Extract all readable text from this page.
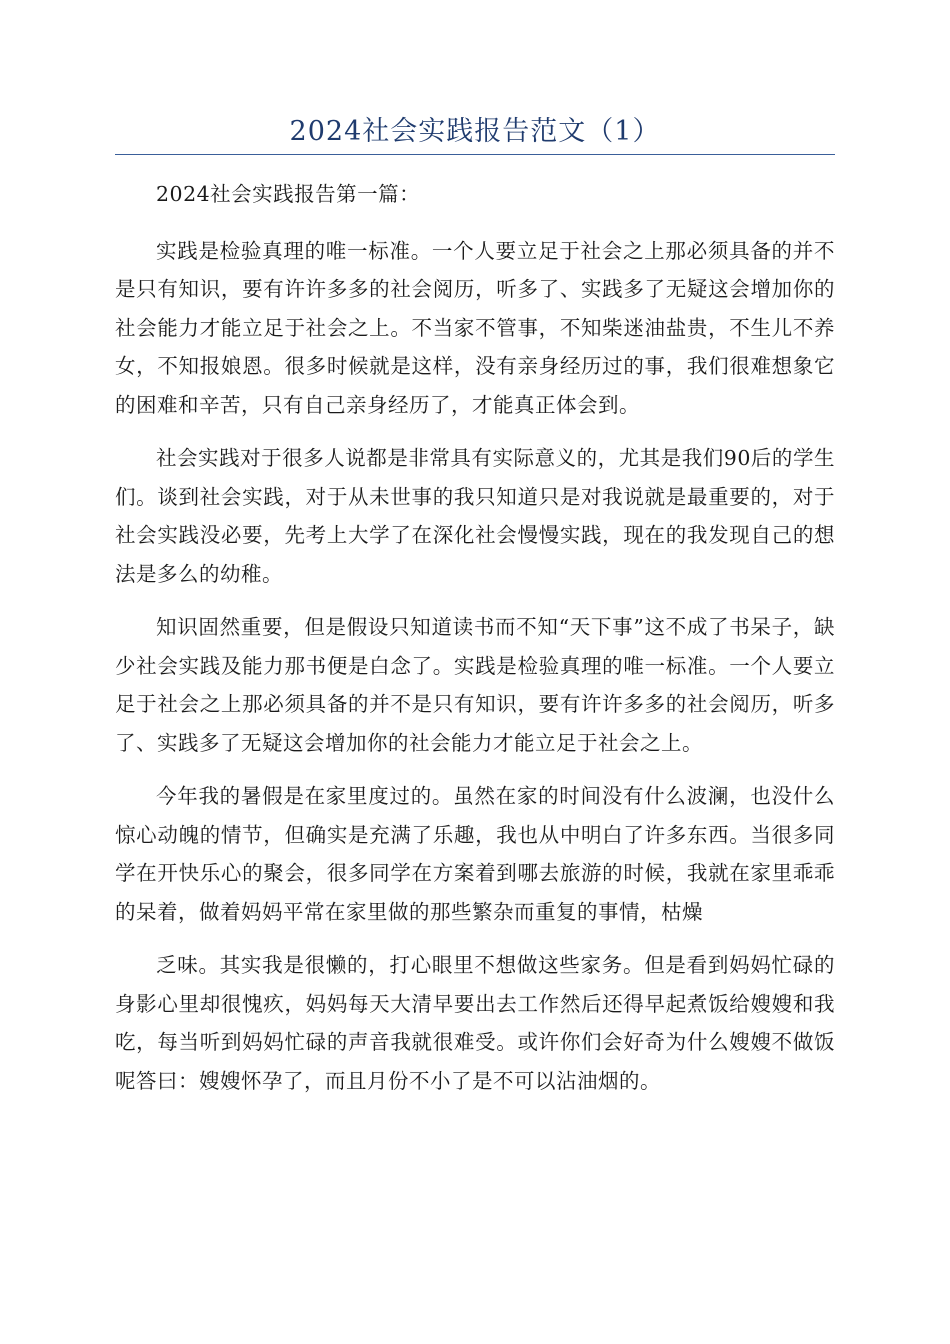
2024社会实践报告范文（1）

2024社会实践报告第一篇：

实践是检验真理的唯一标准。一个人要立足于社会之上那必须具备的并不是只有知识，要有许许多多的社会阅历，听多了、实践多了无疑这会增加你的社会能力才能立足于社会之上。不当家不管事，不知柴迷油盐贵，不生儿不养女，不知报娘恩。很多时候就是这样，没有亲身经历过的事，我们很难想象它的困难和辛苦，只有自己亲身经历了，才能真正体会到。

社会实践对于很多人说都是非常具有实际意义的，尤其是我们90后的学生们。谈到社会实践，对于从未世事的我只知道只是对我说就是最重要的，对于社会实践没必要，先考上大学了在深化社会慢慢实践，现在的我发现自己的想法是多么的幼稚。

知识固然重要，但是假设只知道读书而不知“天下事”这不成了书呆子，缺少社会实践及能力那书便是白念了。实践是检验真理的唯一标准。一个人要立足于社会之上那必须具备的并不是只有知识，要有许许多多的社会阅历，听多了、实践多了无疑这会增加你的社会能力才能立足于社会之上。

今年我的暑假是在家里度过的。虽然在家的时间没有什么波澜，也没什么惊心动魄的情节，但确实是充满了乐趣，我也从中明白了许多东西。当很多同学在开快乐心的聚会，很多同学在方案着到哪去旅游的时候，我就在家里乖乖的呆着，做着妈妈平常在家里做的那些繁杂而重复的事情，枯燥

乏味。其实我是很懒的，打心眼里不想做这些家务。但是看到妈妈忙碌的身影心里却很愧疚，妈妈每天大清早要出去工作然后还得早起煮饭给嫂嫂和我吃，每当听到妈妈忙碌的声音我就很难受。或许你们会好奇为什么嫂嫂不做饭呢答曰：嫂嫂怀孕了，而且月份不小了是不可以沾油烟的。
